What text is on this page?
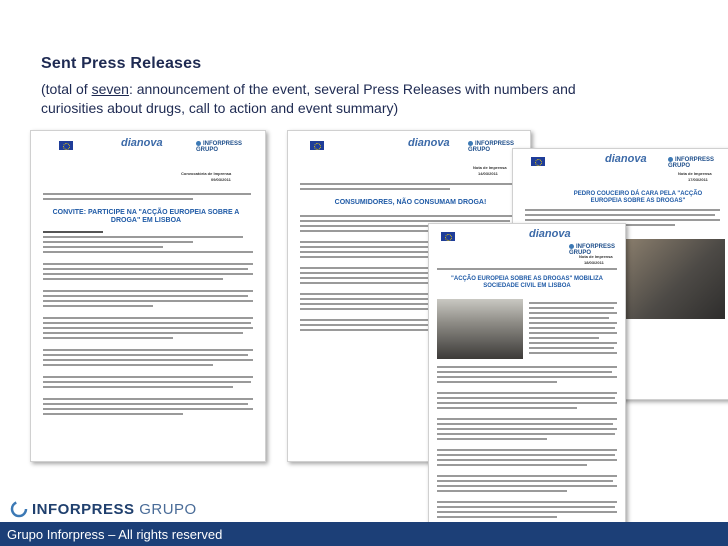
Sent Press Releases
(total of seven: announcement of the event, several Press Releases with numbers and curiosities about drugs, call to action and event summary)
dianova	INFORPRESS GRUPO
Convocatória de Imprensa
09/03/2011
CONVITE: PARTICIPE NA "ACÇÃO EUROPEIA SOBRE A DROGA" EM LISBOA
dianova	INFORPRESS GRUPO
Nota de Imprensa
14/03/2011
CONSUMIDORES, NÃO CONSUMAM DROGA!
dianova	INFORPRESS GRUPO
Nota de Imprensa
17/03/2011
PEDRO COUCEIRO DÁ CARA PELA "ACÇÃO EUROPEIA SOBRE AS DROGAS"
dianova
INFORPRESS GRUPO
Nota de Imprensa
18/03/2011
"ACÇÃO EUROPEIA SOBRE AS DROGAS" MOBILIZA SOCIEDADE CIVIL EM LISBOA
INFORPRESS GRUPO
Grupo Inforpress – All rights reserved
